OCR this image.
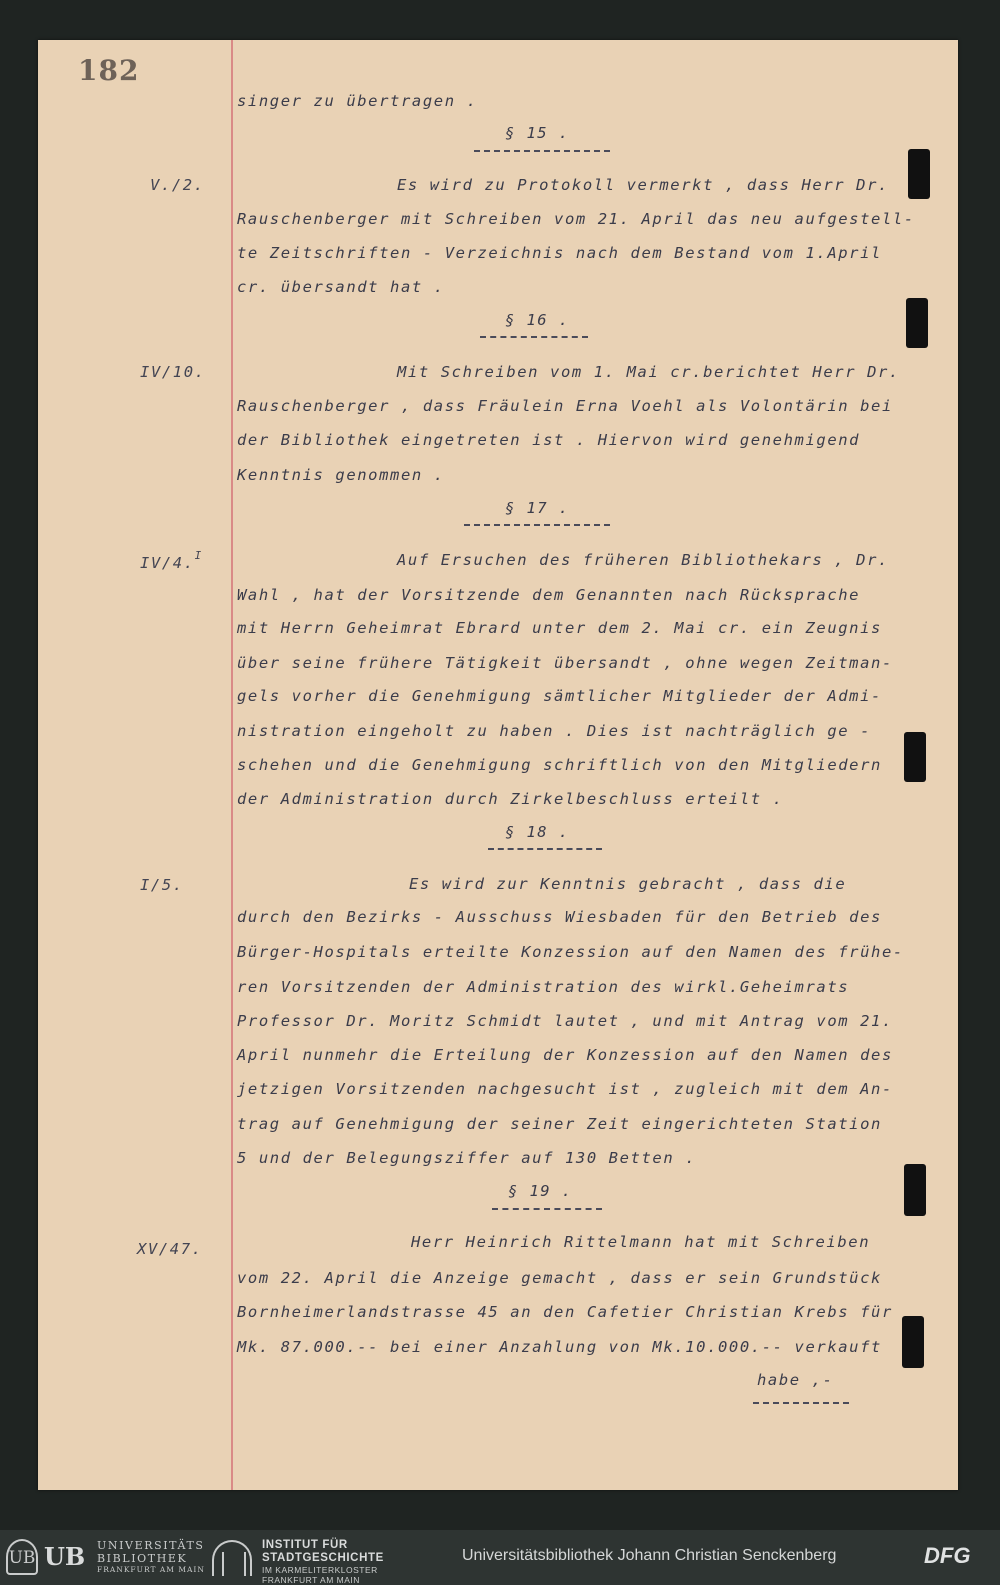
182
V./2.
IV/10.
IV/4.$^I$
I/5.
XV/47.
singer zu übertragen .
§ 15 .
Es wird zu Protokoll vermerkt , dass Herr Dr.
Rauschenberger mit Schreiben vom 21. April das neu aufgestell-
te Zeitschriften - Verzeichnis nach dem Bestand vom 1.April
cr. übersandt hat .
§ 16 .
Mit Schreiben vom 1. Mai cr.berichtet Herr Dr.
Rauschenberger , dass Fräulein Erna Voehl als Volontärin bei
der Bibliothek eingetreten ist . Hiervon wird genehmigend
Kenntnis genommen .
§ 17 .
Auf Ersuchen des früheren Bibliothekars , Dr.
Wahl , hat der Vorsitzende dem Genannten nach Rücksprache
mit Herrn Geheimrat Ebrard unter dem 2. Mai cr. ein Zeugnis
über seine frühere Tätigkeit übersandt , ohne wegen Zeitman-
gels vorher die Genehmigung sämtlicher Mitglieder der Admi-
nistration eingeholt zu haben . Dies ist nachträglich ge -
schehen und die Genehmigung schriftlich von den Mitgliedern
der Administration durch Zirkelbeschluss erteilt .
§ 18 .
Es wird zur Kenntnis gebracht , dass die
durch den Bezirks - Ausschuss Wiesbaden für den Betrieb des
Bürger-Hospitals erteilte Konzession auf den Namen des frühe-
ren Vorsitzenden der Administration des wirkl.Geheimrats
Professor Dr. Moritz Schmidt lautet , und mit Antrag vom 21.
April nunmehr die Erteilung der Konzession auf den Namen des
jetzigen Vorsitzenden nachgesucht ist , zugleich mit dem An-
trag auf Genehmigung der seiner Zeit eingerichteten Station
5 und der Belegungsziffer auf 130 Betten .
§ 19 .
Herr Heinrich Rittelmann hat mit Schreiben
vom 22. April die Anzeige gemacht , dass er sein Grundstück
Bornheimerlandstrasse 45 an den Cafetier Christian Krebs für
Mk. 87.000.-- bei einer Anzahlung von Mk.10.000.-- verkauft
habe ,-
UB UB UNIVERSITÄTS
BIBLIOTHEK
FRANKFURT AM MAIN
INSTITUT FÜR
STADTGESCHICHTE
IM KARMELITERKLOSTER
FRANKFURT AM MAIN
Universitätsbibliothek Johann Christian Senckenberg	DFG
